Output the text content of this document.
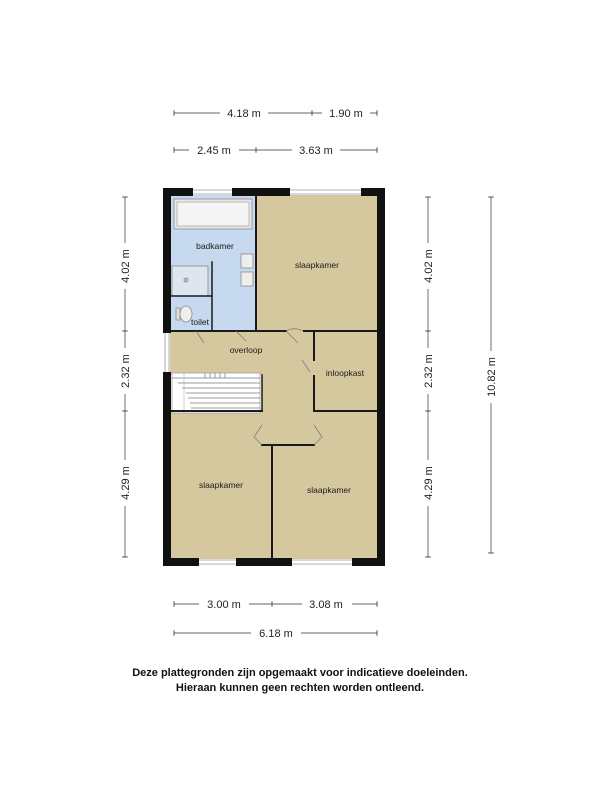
badkamer
toilet
slaapkamer
overloop
inloopkast
slaapkamer	slaapkamer
4.18 m	1.90 m
2.45 m	3.63 m
4.02 m
2.32 m
4.29 m
4.02 m
2.32 m
4.29 m
10.82 m
3.00 m	3.08 m
6.18 m
Deze plattegronden zijn opgemaakt voor indicatieve doeleinden.
Hieraan kunnen geen rechten worden ontleend.
